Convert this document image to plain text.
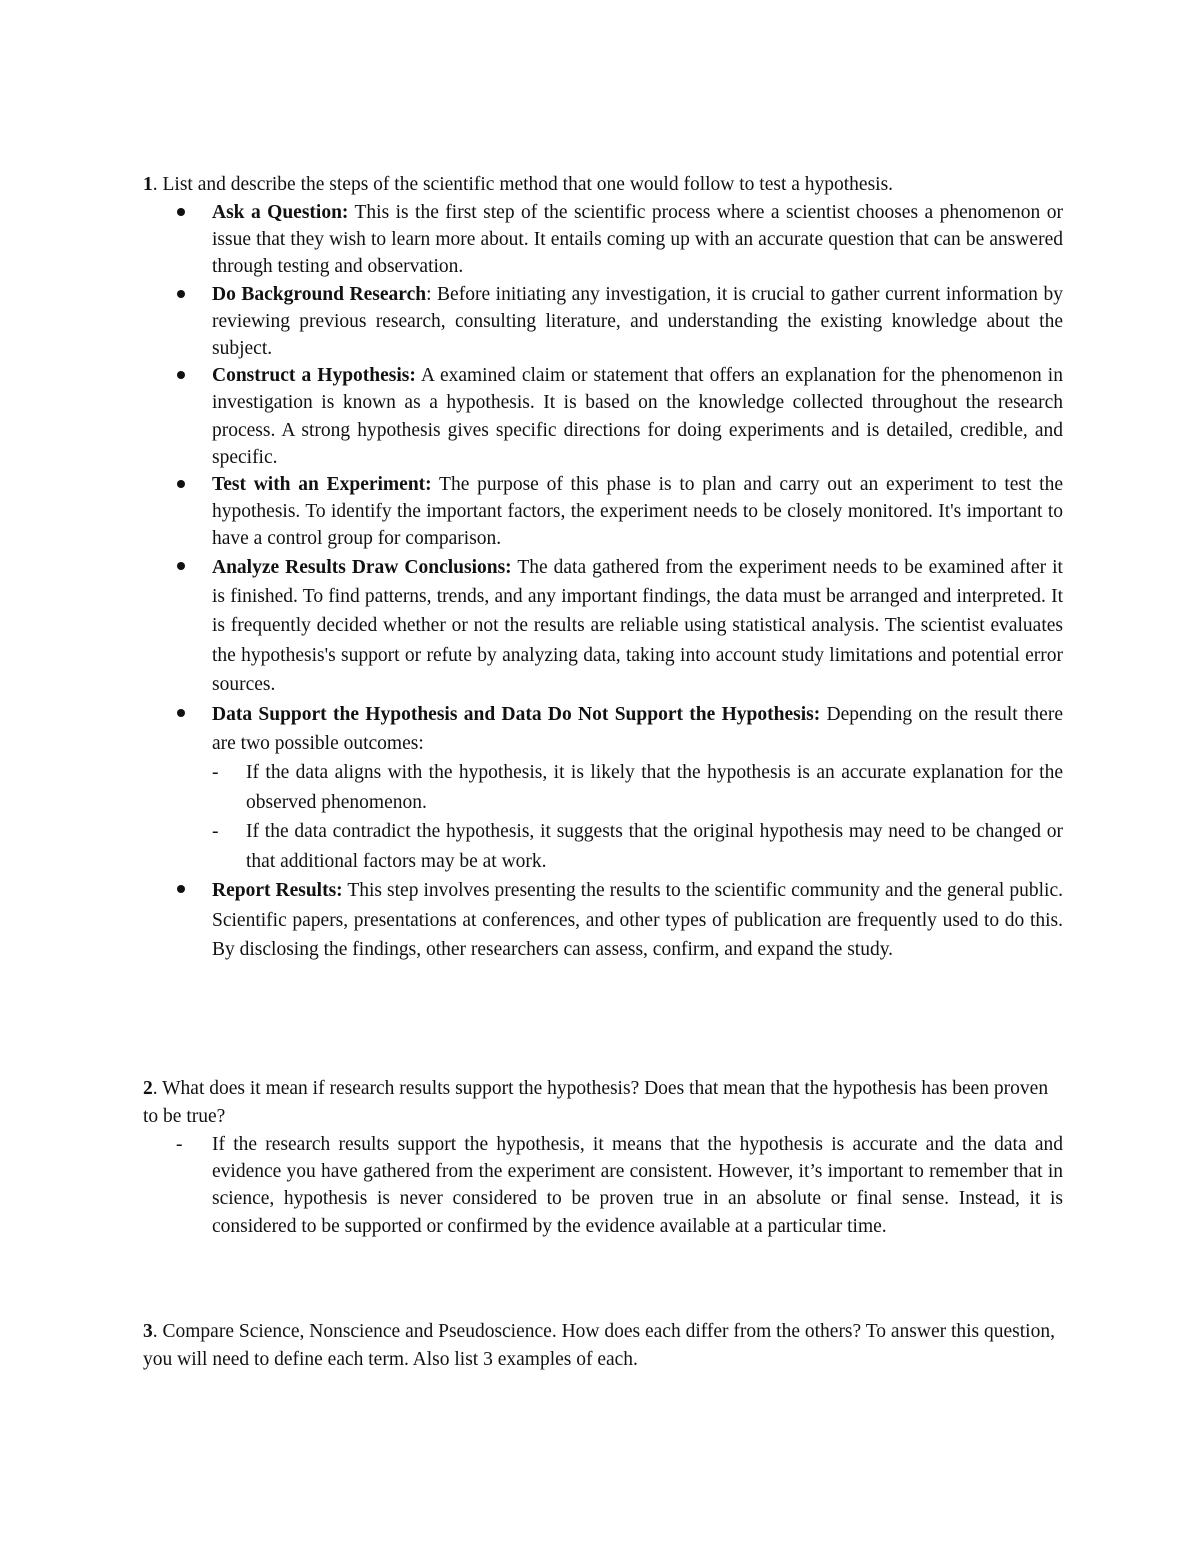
1. List and describe the steps of the scientific method that one would follow to test a hypothesis.

Ask a Question: This is the first step of the scientific process where a scientist chooses a phenomenon or issue that they wish to learn more about. It entails coming up with an accurate question that can be answered through testing and observation.
Do Background Research: Before initiating any investigation, it is crucial to gather current information by reviewing previous research, consulting literature, and understanding the existing knowledge about the subject.
Construct a Hypothesis: A examined claim or statement that offers an explanation for the phenomenon in investigation is known as a hypothesis. It is based on the knowledge collected throughout the research process. A strong hypothesis gives specific directions for doing experiments and is detailed, credible, and specific.
Test with an Experiment: The purpose of this phase is to plan and carry out an experiment to test the hypothesis. To identify the important factors, the experiment needs to be closely monitored. It's important to have a control group for comparison.
Analyze Results Draw Conclusions: The data gathered from the experiment needs to be examined after it is finished. To find patterns, trends, and any important findings, the data must be arranged and interpreted. It is frequently decided whether or not the results are reliable using statistical analysis. The scientist evaluates the hypothesis's support or refute by analyzing data, taking into account study limitations and potential error sources.
Data Support the Hypothesis and Data Do Not Support the Hypothesis: Depending on the result there are two possible outcomes:
- If the data aligns with the hypothesis, it is likely that the hypothesis is an accurate explanation for the observed phenomenon.
- If the data contradict the hypothesis, it suggests that the original hypothesis may need to be changed or that additional factors may be at work.
Report Results: This step involves presenting the results to the scientific community and the general public. Scientific papers, presentations at conferences, and other types of publication are frequently used to do this. By disclosing the findings, other researchers can assess, confirm, and expand the study.

2. What does it mean if research results support the hypothesis? Does that mean that the hypothesis has been proven to be true?

- If the research results support the hypothesis, it means that the hypothesis is accurate and the data and evidence you have gathered from the experiment are consistent. However, it’s important to remember that in science, hypothesis is never considered to be proven true in an absolute or final sense. Instead, it is considered to be supported or confirmed by the evidence available at a particular time.

3. Compare Science, Nonscience and Pseudoscience. How does each differ from the others? To answer this question, you will need to define each term. Also list 3 examples of each.
